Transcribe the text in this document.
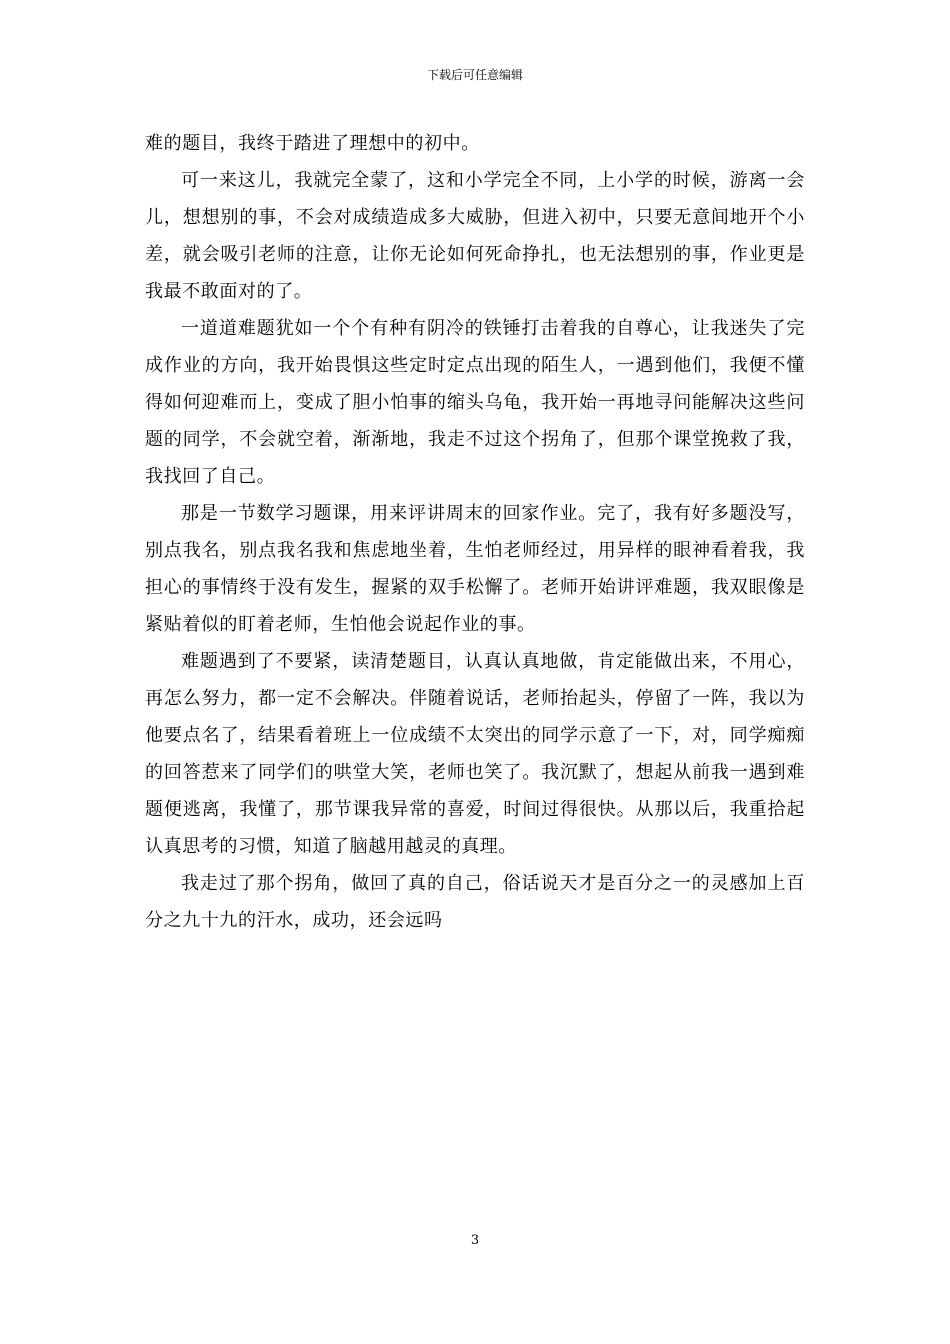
下载后可任意编辑

难的题目，我终于踏进了理想中的初中。

可一来这儿，我就完全蒙了，这和小学完全不同，上小学的时候，游离一会儿，想想别的事，不会对成绩造成多大威胁，但进入初中，只要无意间地开个小差，就会吸引老师的注意，让你无论如何死命挣扎，也无法想别的事，作业更是我最不敢面对的了。

一道道难题犹如一个个有种有阴冷的铁锤打击着我的自尊心，让我迷失了完成作业的方向，我开始畏惧这些定时定点出现的陌生人，一遇到他们，我便不懂得如何迎难而上，变成了胆小怕事的缩头乌龟，我开始一再地寻问能解决这些问题的同学，不会就空着，渐渐地，我走不过这个拐角了，但那个课堂挽救了我，我找回了自己。

那是一节数学习题课，用来评讲周末的回家作业。完了，我有好多题没写，别点我名，别点我名我和焦虑地坐着，生怕老师经过，用异样的眼神看着我，我担心的事情终于没有发生，握紧的双手松懈了。老师开始讲评难题，我双眼像是紧贴着似的盯着老师，生怕他会说起作业的事。

难题遇到了不要紧，读清楚题目，认真认真地做，肯定能做出来，不用心，再怎么努力，都一定不会解决。伴随着说话，老师抬起头，停留了一阵，我以为他要点名了，结果看着班上一位成绩不太突出的同学示意了一下，对，同学痴痴的回答惹来了同学们的哄堂大笑，老师也笑了。我沉默了，想起从前我一遇到难题便逃离，我懂了，那节课我异常的喜爱，时间过得很快。从那以后，我重拾起认真思考的习惯，知道了脑越用越灵的真理。

我走过了那个拐角，做回了真的自己，俗话说天才是百分之一的灵感加上百分之九十九的汗水，成功，还会远吗

3
